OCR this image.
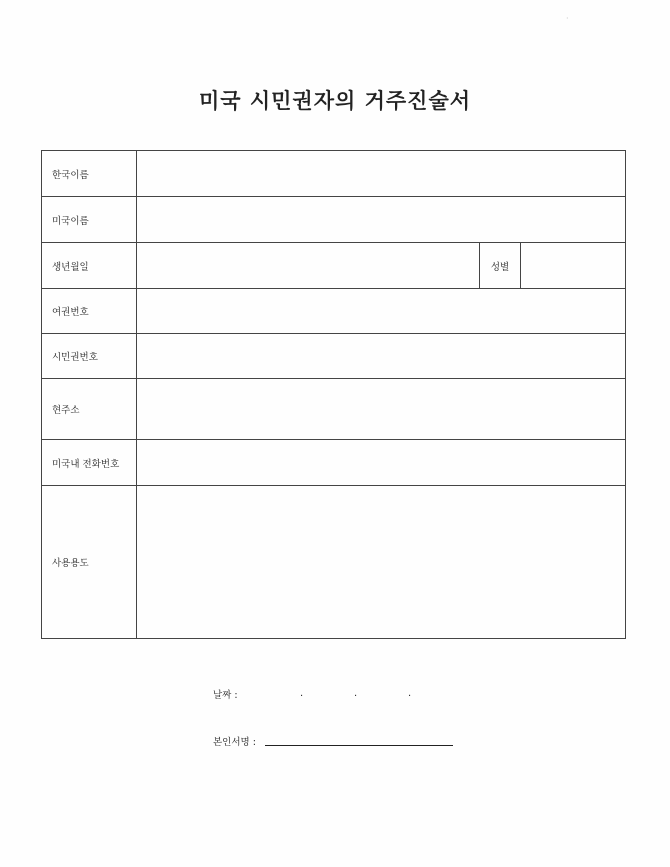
·
미국 시민권자의 거주진술서
한국이름
미국이름
생년월일	성별
여권번호
시민권번호
현주소
미국내 전화번호
사용용도
날짜 :	.	.	.
본인서명 :
